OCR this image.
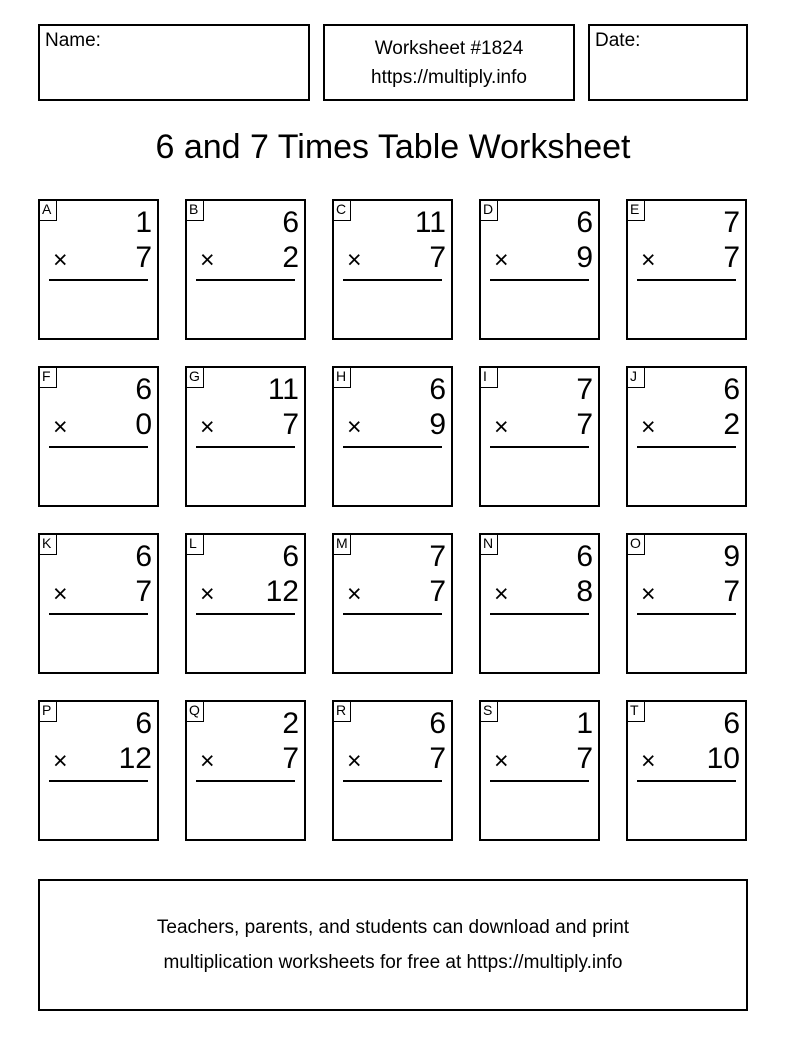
Name:	Worksheet #1824
https://multiply.info
Date:
6 and 7 Times Table Worksheet
A	1
× 7
B	6
× 2
C 11
× 7
D	6
× 9
E	7
× 7
F	6
× 0
G 11
× 7
H	6
× 9
I	7
× 7
J	6
× 2
K	6
× 7
L	6
× 12
M	7
× 7
N	6
× 8
O	9
× 7
P	6
× 12
Q	2
× 7
R	6
× 7
S	1
× 7
T	6
× 10
Teachers, parents, and students can download and print
multiplication worksheets for free at https://multiply.info
